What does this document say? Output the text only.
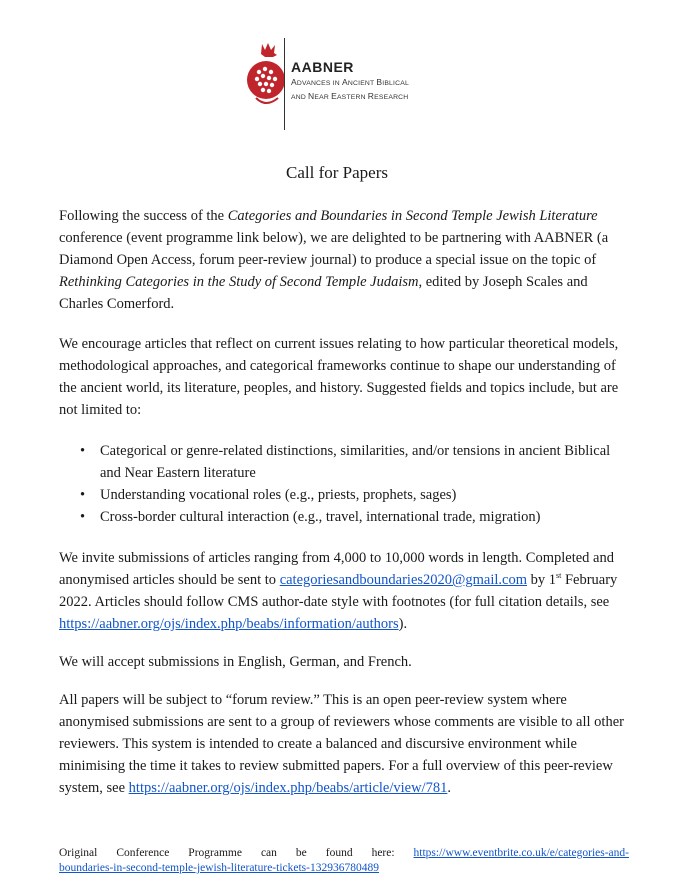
AABNER
ADVANCES IN ANCIENT BIBLICAL
AND NEAR EASTERN RESEARCH
Call for Papers

Following the success of the Categories and Boundaries in Second Temple Jewish Literature conference (event programme link below), we are delighted to be partnering with AABNER (a Diamond Open Access, forum peer-review journal) to produce a special issue on the topic of Rethinking Categories in the Study of Second Temple Judaism, edited by Joseph Scales and Charles Comerford.

We encourage articles that reflect on current issues relating to how particular theoretical models, methodological approaches, and categorical frameworks continue to shape our understanding of the ancient world, its literature, peoples, and history. Suggested fields and topics include, but are not limited to:

• Categorical or genre-related distinctions, similarities, and/or tensions in ancient Biblical and Near Eastern literature
• Understanding vocational roles (e.g., priests, prophets, sages)
• Cross-border cultural interaction (e.g., travel, international trade, migration)

We invite submissions of articles ranging from 4,000 to 10,000 words in length. Completed and anonymised articles should be sent to categoriesandboundaries2020@gmail.com by 1st February 2022. Articles should follow CMS author-date style with footnotes (for full citation details, see https://aabner.org/ojs/index.php/beabs/information/authors).

We will accept submissions in English, German, and French.

All papers will be subject to “forum review.” This is an open peer-review system where anonymised submissions are sent to a group of reviewers whose comments are visible to all other reviewers. This system is intended to create a balanced and discursive environment while minimising the time it takes to review submitted papers. For a full overview of this peer-review system, see https://aabner.org/ojs/index.php/beabs/article/view/781.

Original Conference Programme can be found here: https://www.eventbrite.co.uk/e/categories-and-
boundaries-in-second-temple-jewish-literature-tickets-132936780489
